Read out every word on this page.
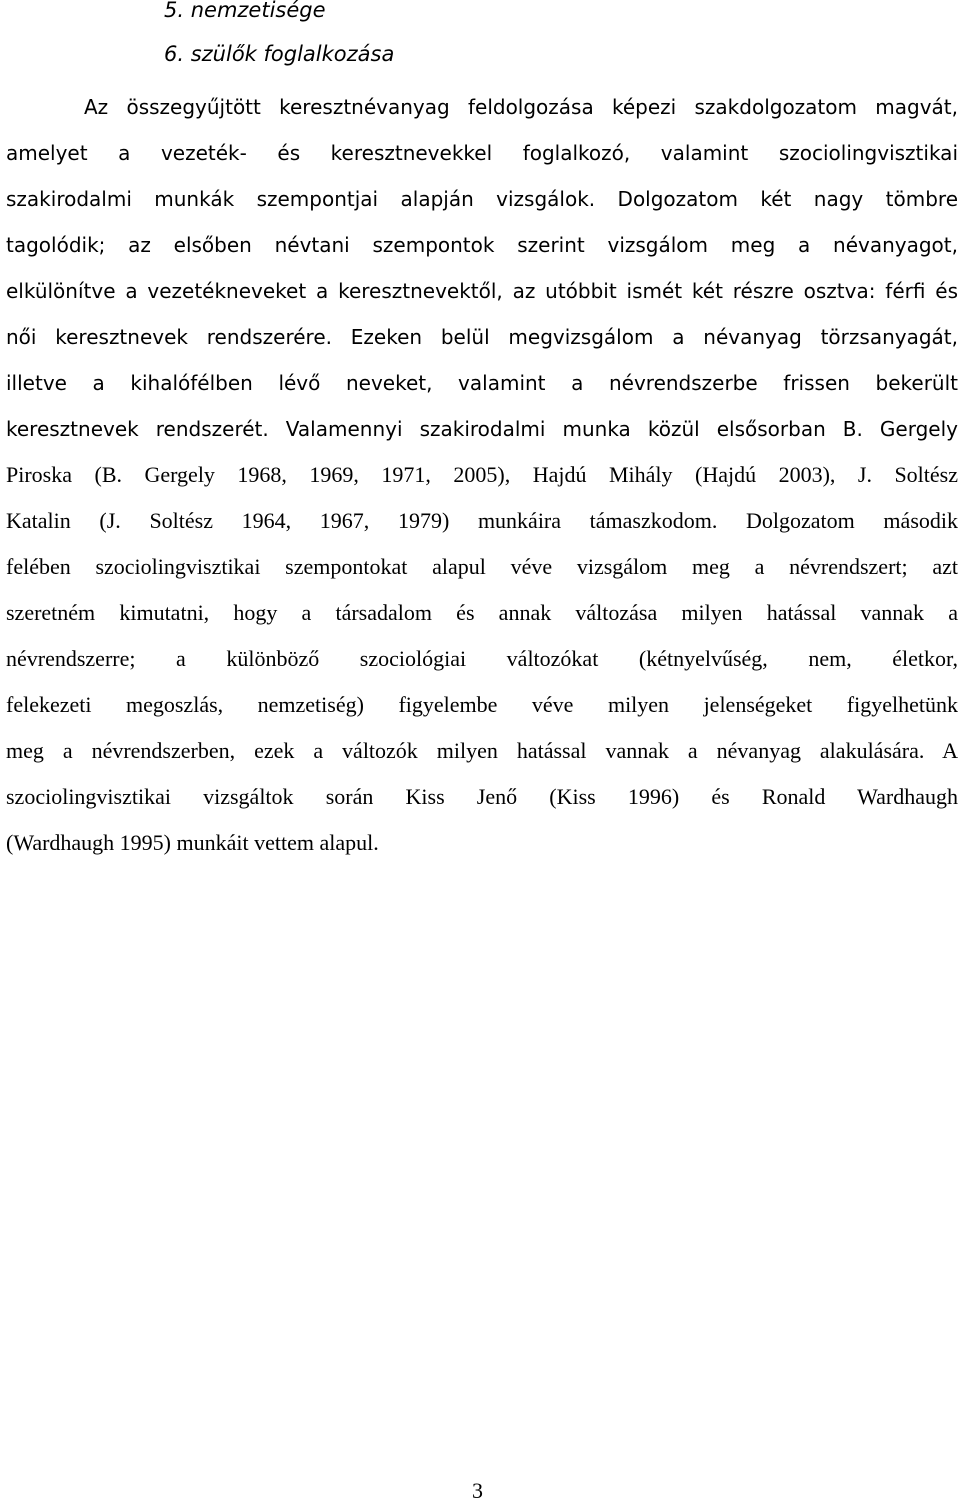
5. nemzetisége
6. szülők foglalkozása
Az összegyűjtött keresztnévanyag feldolgozása képezi szakdolgozatom magvát,
amelyet a vezeték- és keresztnevekkel foglalkozó, valamint szociolingvisztikai
szakirodalmi munkák szempontjai alapján vizsgálok. Dolgozatom két nagy tömbre
tagolódik; az elsőben névtani szempontok szerint vizsgálom meg a névanyagot,
elkülönítve a vezetékneveket a keresztnevektől, az utóbbit ismét két részre osztva: férfi és
női keresztnevek rendszerére. Ezeken belül megvizsgálom a névanyag törzsanyagát,
illetve a kihalófélben lévő neveket, valamint a névrendszerbe frissen bekerült
keresztnevek rendszerét. Valamennyi szakirodalmi munka közül elsősorban B. Gergely
Piroska (B. Gergely 1968, 1969, 1971, 2005), Hajdú Mihály (Hajdú 2003), J. Soltész
Katalin (J. Soltész 1964, 1967, 1979) munkáira támaszkodom. Dolgozatom második
felében szociolingvisztikai szempontokat alapul véve vizsgálom meg a névrendszert; azt
szeretném kimutatni, hogy a társadalom és annak változása milyen hatással vannak a
névrendszerre; a különböző szociológiai változókat (kétnyelvűség, nem, életkor,
felekezeti megoszlás, nemzetiség) figyelembe véve milyen jelenségeket figyelhetünk
meg a névrendszerben, ezek a változók milyen hatással vannak a névanyag alakulására. A
szociolingvisztikai vizsgáltok során Kiss Jenő (Kiss 1996) és Ronald Wardhaugh
(Wardhaugh 1995) munkáit vettem alapul.
3
